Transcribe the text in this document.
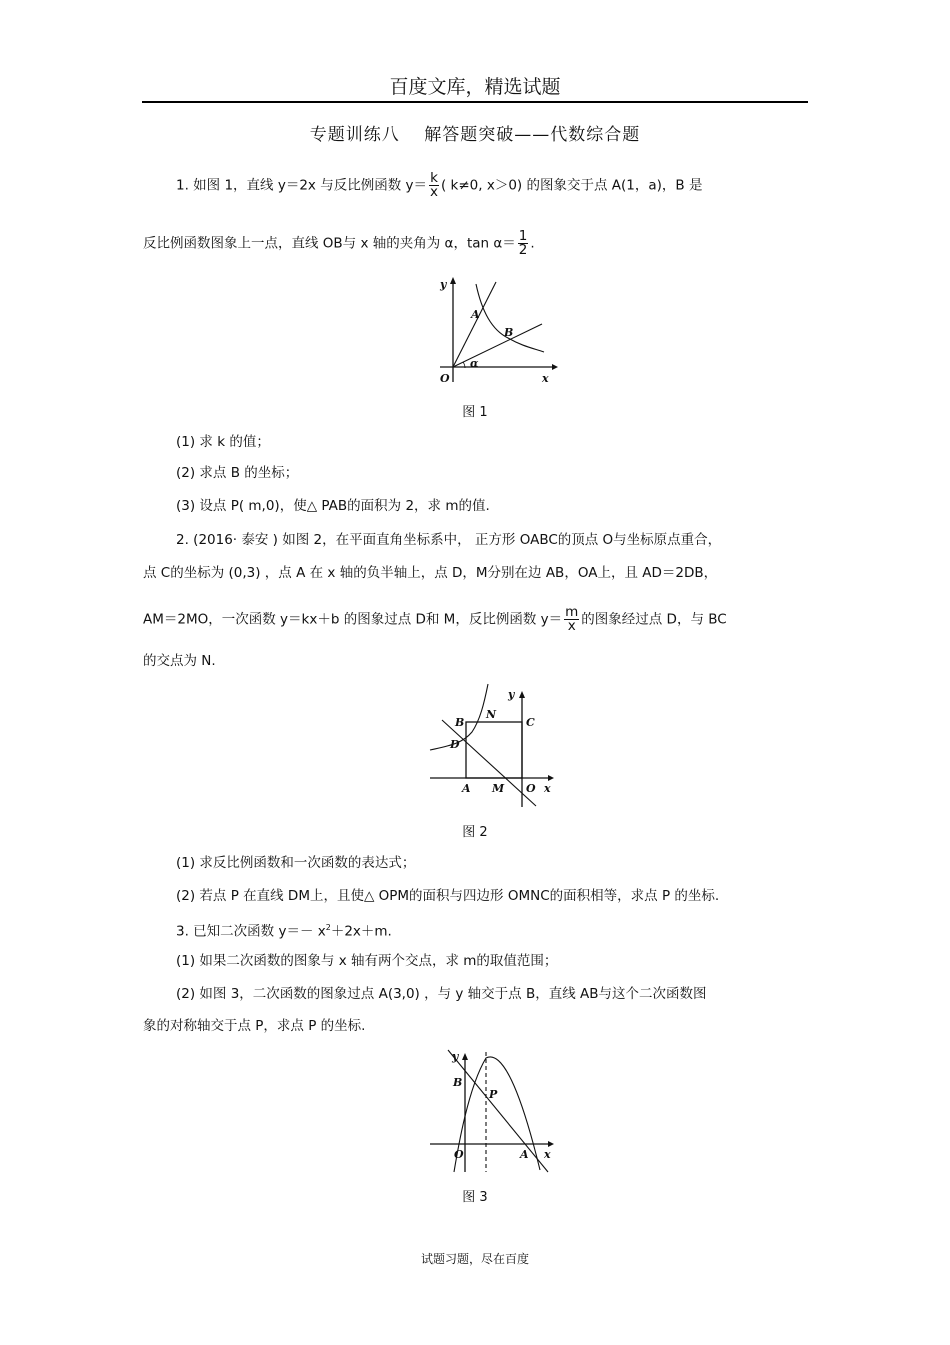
百度文库，精选试题
专题训练八　 解答题突破——代数综合题
1. 如图 1，直线 y＝2x 与反比例函数 $y= \frac{k}{x}$ ( k≠0, x＞0) 的图象交于点 A(1，a)，B 是
反比例函数图象上一点，直线 OB与 x 轴的夹角为 α，$\tan \alpha= \frac{1}{2}$ .
y
x
O
A
B
α
图 1
(1) 求 k 的值；
(2) 求点 B 的坐标；
(3) 设点 P( m,0)，使△ PAB的面积为 2，求 m的值.
2. (2016· 泰安 ) 如图 2，在平面直角坐标系中， 正方形 OABC的顶点 O与坐标原点重合，
点 C的坐标为 (0,3) ，点 A 在 x 轴的负半轴上，点 D，M分别在边 AB，OA上，且 AD＝2DB，
AM＝2MO，一次函数 y＝kx＋b 的图象过点 D和 M，反比例函数 $y= \frac{m}{x}$ 的图象经过点 D，与 BC
的交点为 N.
B
N
C
D
y
A M O x
图 2
(1) 求反比例函数和一次函数的表达式；
(2) 若点 P 在直线 DM上，且使△ OPM的面积与四边形 OMNC的面积相等，求点 P 的坐标.
3. 已知二次函数 $y=- x^2+2x+m$.
(1) 如果二次函数的图象与 x 轴有两个交点，求 m的取值范围；
(2) 如图 3，二次函数的图象过点 A(3,0) ，与 y 轴交于点 B，直线 AB与这个二次函数图
象的对称轴交于点 P，求点 P 的坐标.
y
B
P
O	A x
图 3
试题习题，尽在百度
